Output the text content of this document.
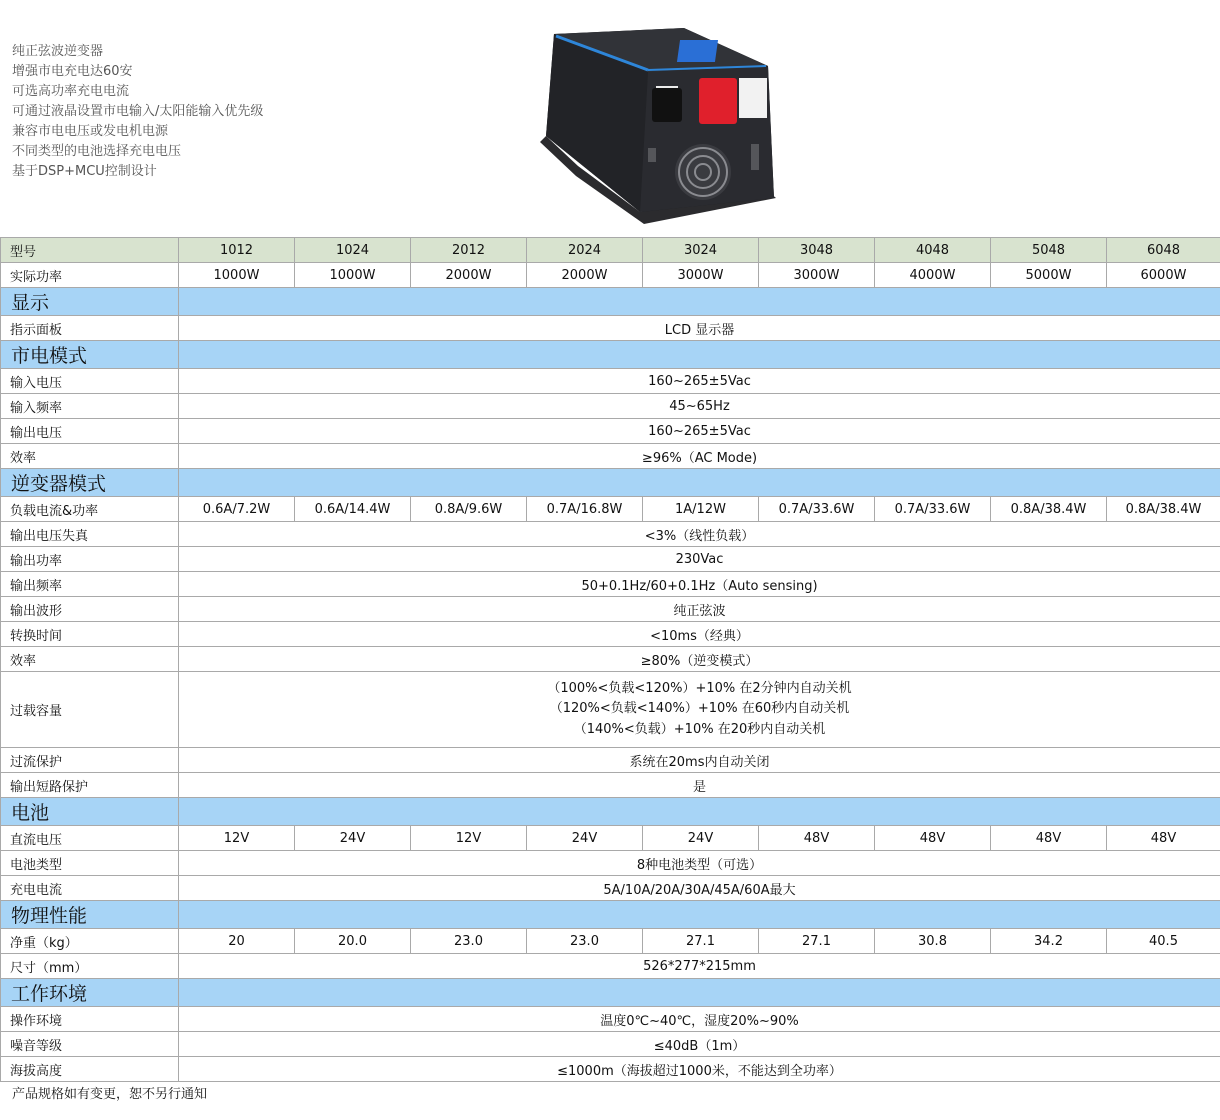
纯正弦波逆变器
增强市电充电达60安
可选高功率充电电流
可通过液晶设置市电输入/太阳能输入优先级
兼容市电电压或发电机电源
不同类型的电池选择充电电压
基于DSP+MCU控制设计
型号	1012	1024	2012	2024	3024	3048	4048	5048	6048
实际功率	1000W	1000W	2000W	2000W	3000W	3000W	4000W	5000W	6000W
显示									
指示面板	LCD 显示器								
市电模式									
输入电压	160~265±5Vac								
输入频率	45~65Hz								
输出电压	160~265±5Vac								
效率	≥96%（AC Mode)								
逆变器模式									
负载电流&功率	0.6A/7.2W	0.6A/14.4W	0.8A/9.6W	0.7A/16.8W	1A/12W	0.7A/33.6W	0.7A/33.6W	0.8A/38.4W	0.8A/38.4W
输出电压失真	<3%（线性负载）								
输出功率	230Vac								
输出频率	50+0.1Hz/60+0.1Hz（Auto sensing)								
输出波形	纯正弦波								
转换时间	<10ms（经典）								
效率	≥80%（逆变模式）								
过载容量	（100%<负载<120%）+10% 在2分钟内自动关机
（120%<负载<140%）+10% 在60秒内自动关机
（140%<负载）+10% 在20秒内自动关机								

过流保护	系统在20ms内自动关闭								
输出短路保护	是								
电池									
直流电压	12V	24V	12V	24V	24V	48V	48V	48V	48V
电池类型	8种电池类型（可选）								
充电电流	5A/10A/20A/30A/45A/60A最大								
物理性能									
净重（kg）	20	20.0	23.0	23.0	27.1	27.1	30.8	34.2	40.5
尺寸（mm）	526*277*215mm								
工作环境									
操作环境	温度0℃~40℃，湿度20%~90%								
噪音等级	≤40dB（1m）								
海拔高度	≤1000m（海拔超过1000米，不能达到全功率）								
产品规格如有变更，恕不另行通知
